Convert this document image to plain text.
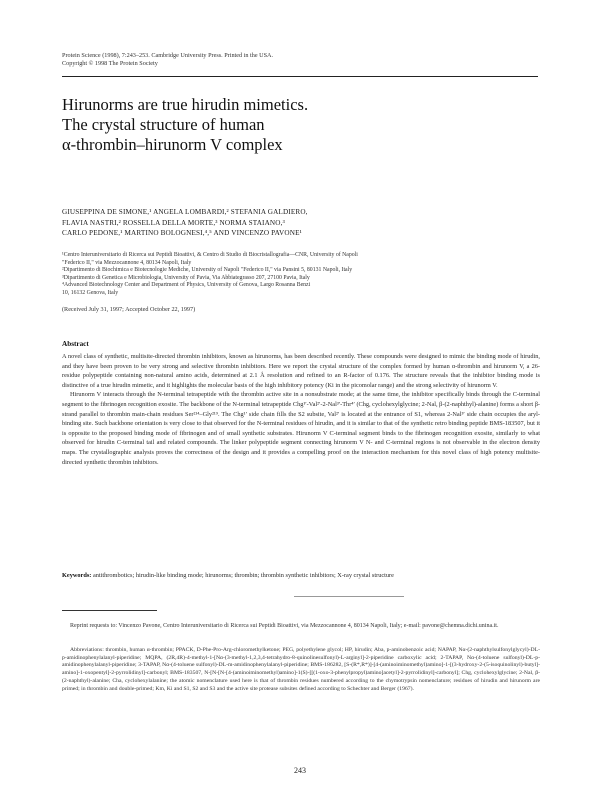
Protein Science (1998), 7:243–253. Cambridge University Press. Printed in the USA.
Copyright © 1998 The Protein Society
Hirunorms are true hirudin mimetics.
The crystal structure of human
α-thrombin–hirunorm V complex
GIUSEPPINA DE SIMONE,¹ ANGELA LOMBARDI,² STEFANIA GALDIERO,
FLAVIA NASTRI,² ROSSELLA DELLA MORTE,³ NORMA STAIANO,³
CARLO PEDONE,¹ MARTINO BOLOGNESI,⁴,⁵ AND VINCENZO PAVONE¹
¹Centro Interuniversitario di Ricerca sui Peptidi Bioattivi, & Centro di Studio di Biocristallografia—CNR, University of Napoli
"Federico II," via Mezzocannone 4, 80134 Napoli, Italy
²Dipartimento di Biochimica e Biotecnologie Mediche, University of Napoli "Federico II," via Pansini 5, 80131 Napoli, Italy
³Dipartimento di Genetica e Microbiologia, University of Pavia, Via Abbiategrasso 207, 27100 Pavia, Italy
⁴Advanced Biotechnology Center and Department of Physics, University of Genova, Largo Rosanna Benzi
10, 16132 Genova, Italy
(Received July 31, 1997; Accepted October 22, 1997)
Abstract

A novel class of synthetic, multisite-directed thrombin inhibitors, known as hirunorms, has been described recently. These compounds were designed to mimic the binding mode of hirudin, and they have been proven to be very strong and selective thrombin inhibitors. Here we report the crystal structure of the complex formed by human α-thrombin and hirunorm V, a 26-residue polypeptide containing non-natural amino acids, determined at 2.1 Å resolution and refined to an R-factor of 0.176. The structure reveals that the inhibitor binding mode is distinctive of a true hirudin mimetic, and it highlights the molecular basis of the high inhibitory potency (Ki in the picomolar range) and the strong selectivity of hirunorm V.

Hirunorm V interacts through the N-terminal tetrapeptide with the thrombin active site in a nonsubstrate mode; at the same time, the inhibitor specifically binds through the C-terminal segment to the fibrinogen recognition exosite. The backbone of the N-terminal tetrapeptide Chg¹′-Val²′-2-Nal³′-Thr⁴′ (Chg, cyclohexylglycine; 2-Nal, β-(2-naphthyl)-alanine) forms a short β-strand parallel to thrombin main-chain residues Ser²¹⁴–Gly²¹⁹. The Chg¹′ side chain fills the S2 subsite, Val²′ is located at the entrance of S1, whereas 2-Nal³′ side chain occupies the aryl-binding site. Such backbone orientation is very close to that observed for the N-terminal residues of hirudin, and it is similar to that of the synthetic retro binding peptide BMS-183507, but it is opposite to the proposed binding mode of fibrinogen and of small synthetic substrates. Hirunorm V C-terminal segment binds to the fibrinogen recognition exosite, similarly to what observed for hirudin C-terminal tail and related compounds. The linker polypeptide segment connecting hirunorm V N- and C-terminal regions is not observable in the electron density maps. The crystallographic analysis proves the correctness of the design and it provides a compelling proof on the interaction mechanism for this novel class of high potency multisite-directed synthetic thrombin inhibitors.

Keywords: antithrombotics; hirudin-like binding mode; hirunorms; thrombin; thrombin synthetic inhibitors; X-ray crystal structure
Reprint requests to: Vincenzo Pavone, Centro Interuniversitario di Ricerca sui Peptidi Bioattivi, via Mezzocannone 4, 80134 Napoli, Italy; e-mail: pavone@chemna.dichi.unina.it.
Abbreviations: thrombin, human α-thrombin; PPACK, D-Phe-Pro-Arg-chloromethylketone; PEG, polyethylene glycol; HP, hirudin; Aba, p-aminobenzoic acid; NAPAP, Nα-(2-naphthylsulfonylglycyl)-DL-p-amidinophenylalanyl-piperidine; MQPA, (2R,4R)-4-methyl-1-[Nα-(3-methyl-1,2,3,4-tetrahydro-8-quinolinesulfonyl)-L-arginyl]-2-piperidine carboxylic acid; 2-TAPAP, Nα-(4-toluene sulfonyl)-DL-p-amidinophenylalanyl-piperidine; 3-TAPAP, Nα-(4-toluene sulfonyl)-DL-m-amidinophenylalanyl-piperidine; BMS-186282, [S-(R*,R*)]-[4-(aminoiminomethyl)amino]-1-[(3-hydroxy-2-(5-isoquinolinyl)-butyl]-amino]-1-oxopentyl]-2-pyrrolidinyl]-carbonyl; BMS-183507, N-[N-[N-[4-(aminoiminomethyl)amino]-1(S)-[[(1-oxo-3-phenylpropyl)amino]acetyl]-2-pyrrolidinyl]-carbonyl]; Chg, cyclohexylglycine; 2-Nal, β-(2-naphthyl)-alanine; Cha, cyclohexylalanine; the atomic nomenclature used here is that of thrombin residues numbered according to the chymotrypsin nomenclature; residues of hirudin and hirunorm are primed; in thrombin and double-primed; Km, Ki and S1, S2 and S3 and the active site protease subsites defined according to Schechter and Berger (1967).
243
